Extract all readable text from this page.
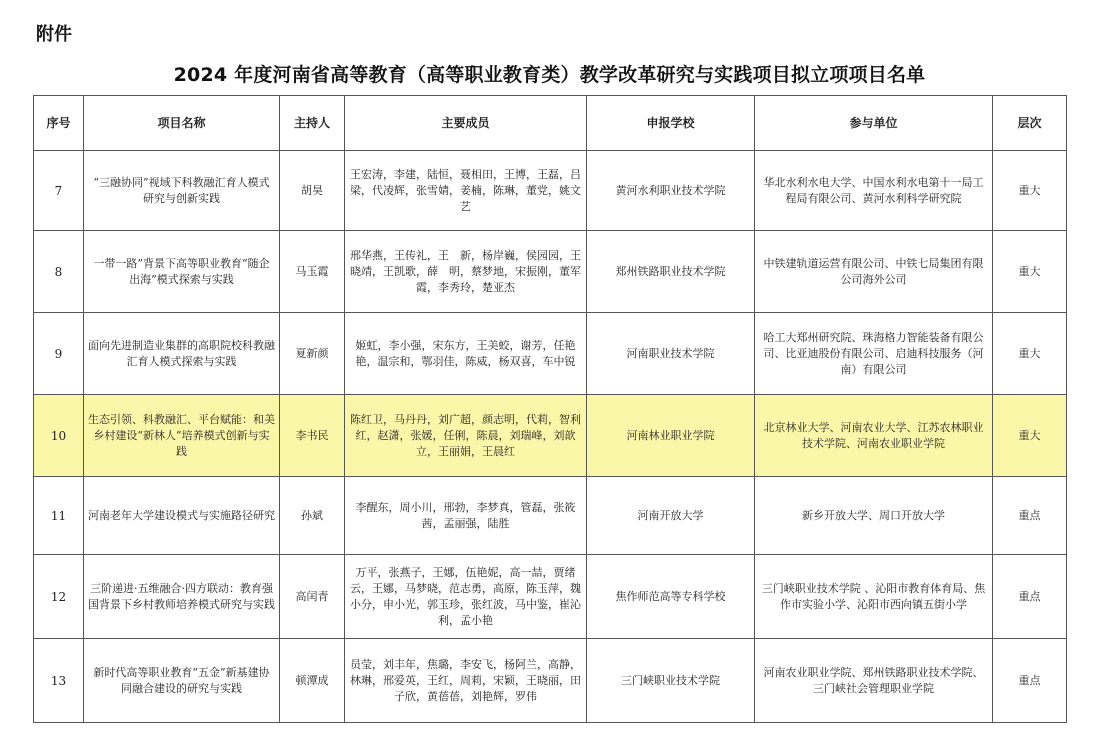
附件
2024 年度河南省高等教育（高等职业教育类）教学改革研究与实践项目拟立项项目名单
序号	项目名称	主持人	主要成员	申报学校	参与单位	层次
7	“三融协同”视域下科教融汇育人模式研究与创新实践	胡昊	王宏涛，李建，陆恒，聂相田，王博，王磊，吕梁，代凌辉，张雪婧，姜楠，陈琳，董党，姚文艺	黄河水利职业技术学院	华北水利水电大学、中国水利水电第十一局工程局有限公司、黄河水利科学研究院	重大
8	一带一路”背景下高等职业教育“随企出海”模式探索与实践	马玉霞	邢华燕，王传礼，王　新，杨岸巍，侯园园，王晓靖，王凯歌，薛　明，蔡梦地，宋振刚，董军霞，李秀玲，楚亚杰	郑州铁路职业技术学院	中铁建轨道运营有限公司、中铁七局集团有限公司海外公司	重大
9	面向先进制造业集群的高职院校科教融汇育人模式探索与实践	夏新颜	姬虹，李小强，宋东方，王美蛟，谢芳，任艳艳，温宗和，鄂羽佳，陈威，杨双喜，车中锐	河南职业技术学院	哈工大郑州研究院、珠海格力智能装备有限公司、比亚迪股份有限公司、启迪科技服务（河南）有限公司	重大
10	生态引领、科教融汇、平台赋能：和美乡村建设“新林人”培养模式创新与实践	李书民	陈红卫，马丹丹，刘广超，颜志明，代莉，智利红，赵潇，张媛，任俐，陈晨，刘瑞峰，刘歆立，王丽娟，王晨红	河南林业职业学院	北京林业大学、河南农业大学、江苏农林职业技术学院、河南农业职业学院	重大
11	河南老年大学建设模式与实施路径研究	孙斌	李醒东，周小川，邢勃，李梦真，管磊，张筱茜，孟丽强，陆胜	河南开放大学	新乡开放大学、周口开放大学	重点
12	三阶递进·五维融合·四方联动：教育强国背景下乡村教师培养模式研究与实践	高闰青	万平，张燕子，王娜，伍艳妮，高一喆，贾绪云，王娜，马梦晓，范志勇，高原，陈玉萍，魏小分，申小光，郭玉珍，张红波，马中鉴，崔沁利，孟小艳	焦作师范高等专科学校	三门峡职业技术学院 、沁阳市教育体育局、焦作市实验小学、沁阳市西向镇五街小学	重点
13	新时代高等职业教育“五金”新基建协同融合建设的研究与实践	顿潭成	员莹，刘丰年，焦璐，李安飞，杨阿兰，高静，林琳，邢爱英，王红，周莉，宋颖，王晓丽，田子欣，黄蓓蓓，刘艳辉，罗伟	三门峡职业技术学院	河南农业职业学院、郑州铁路职业技术学院、三门峡社会管理职业学院	重点
